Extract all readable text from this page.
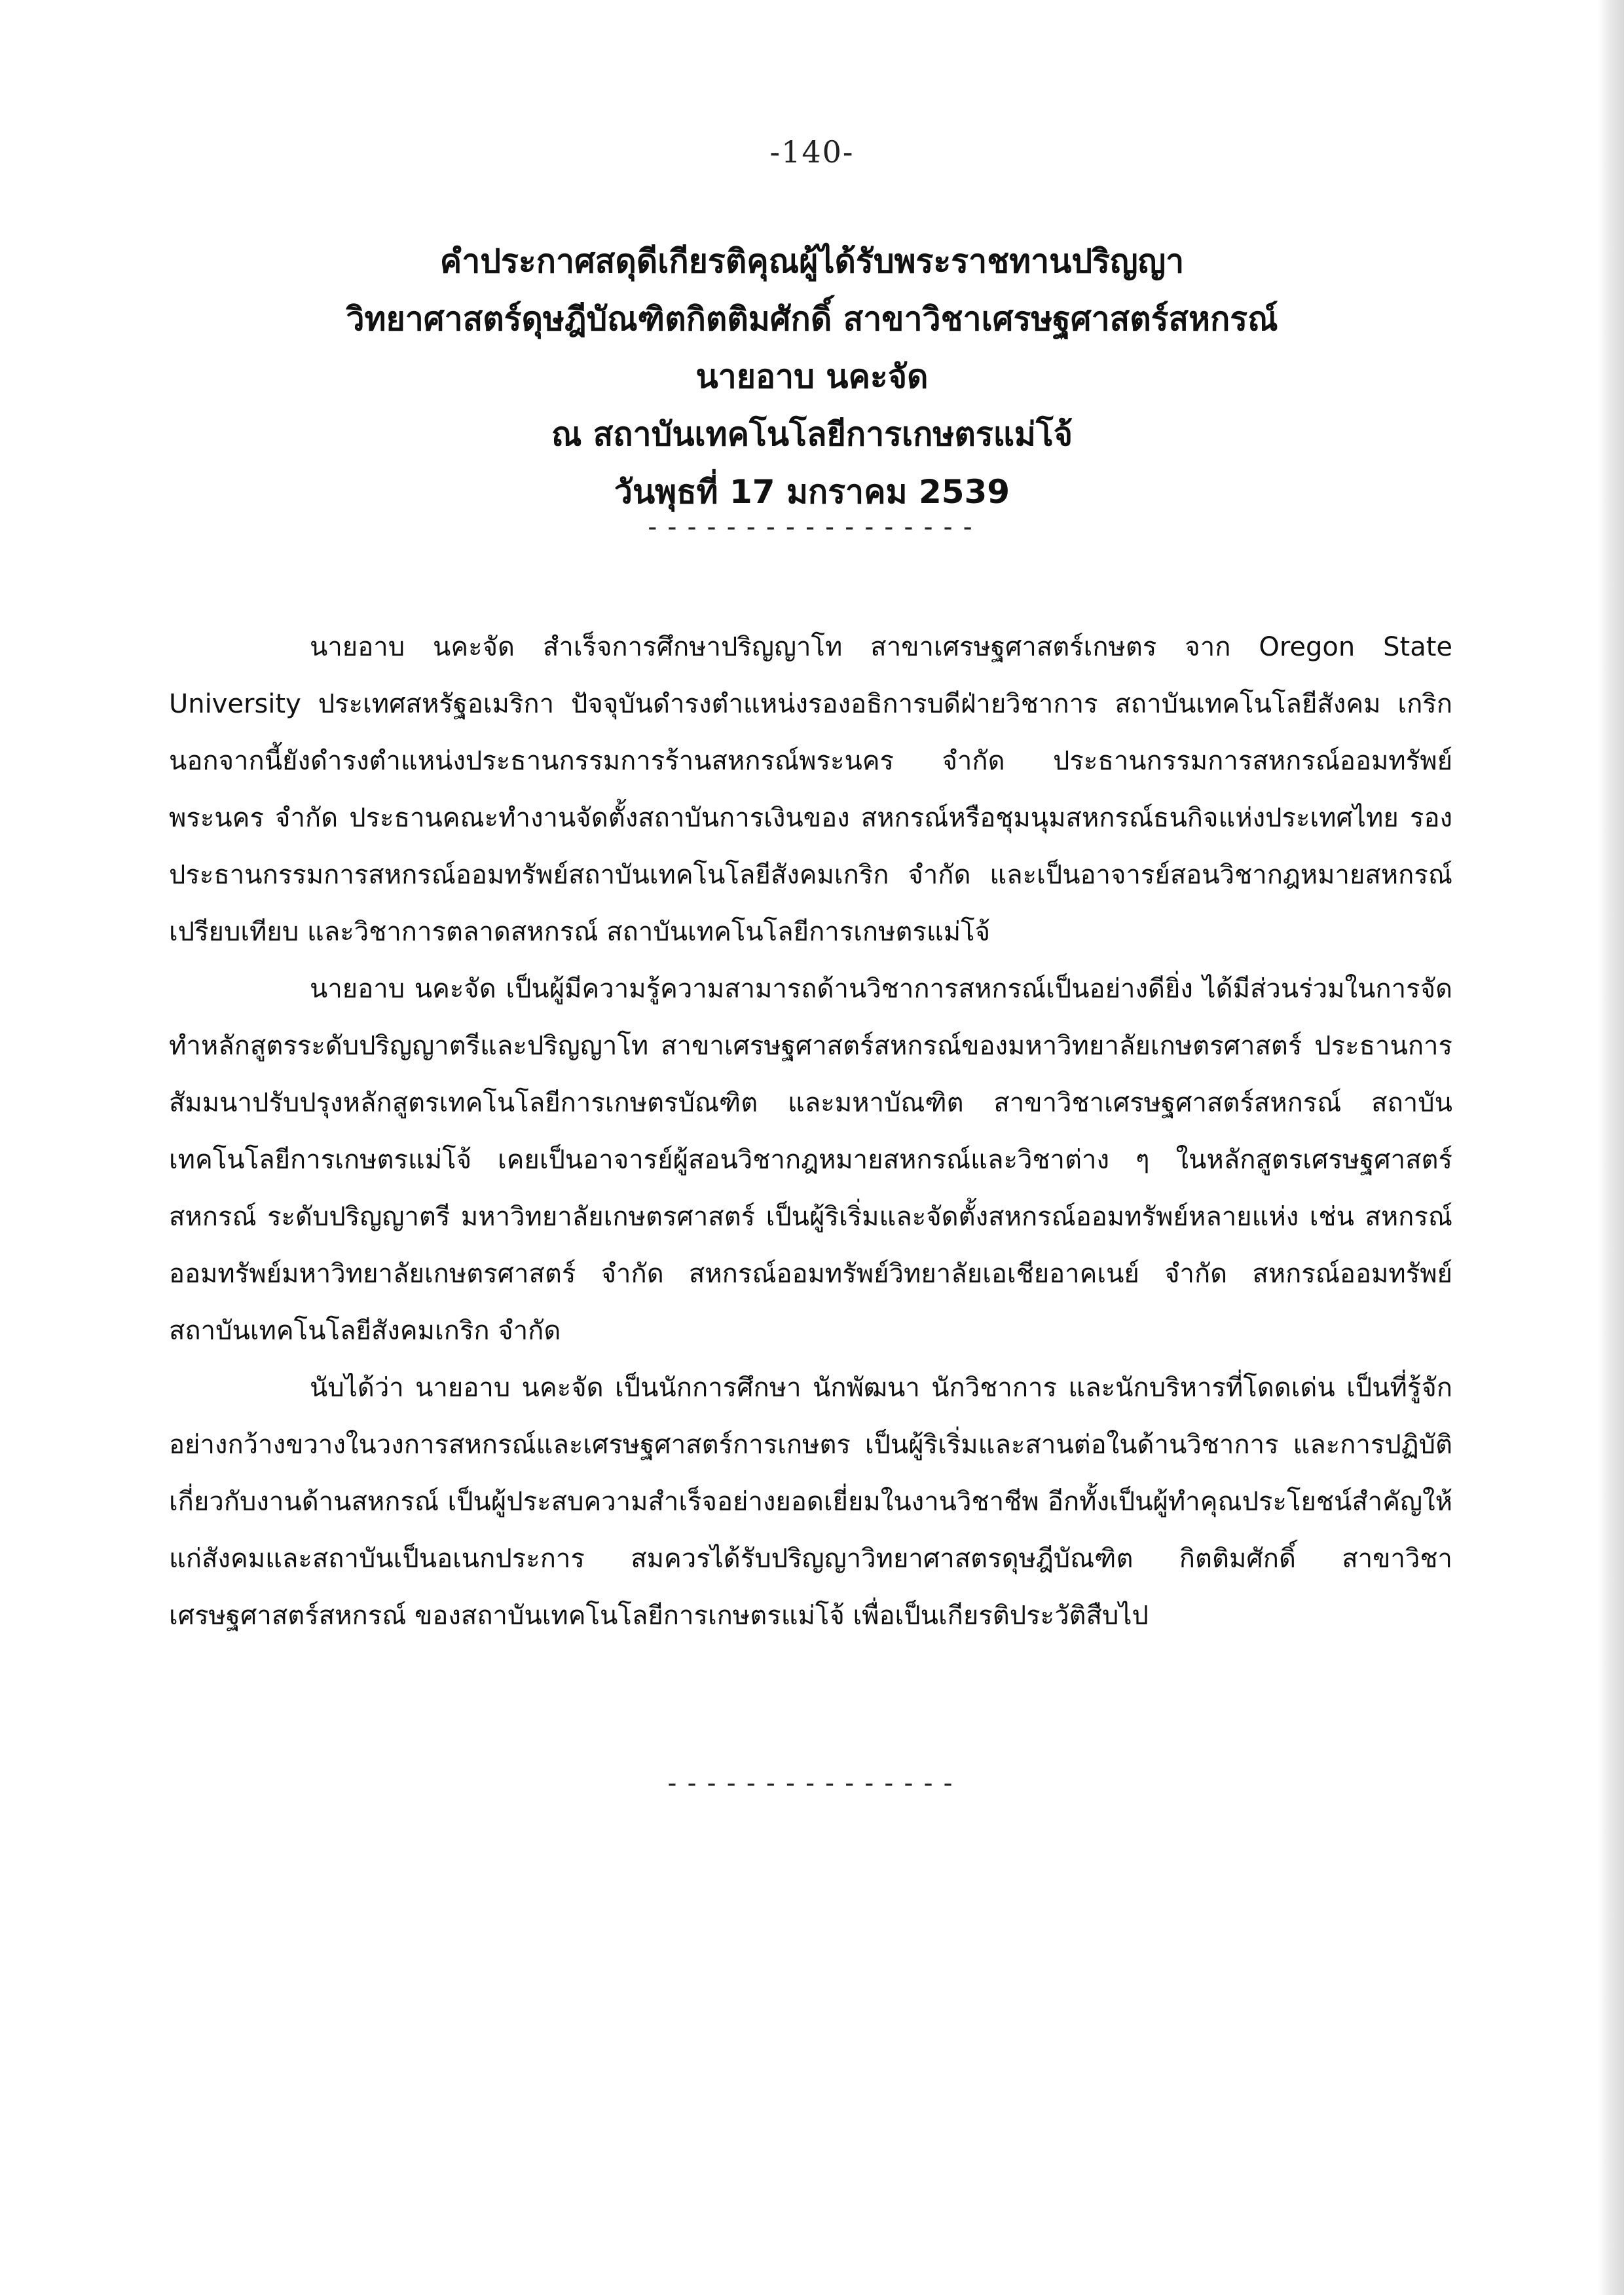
-140-
คำประกาศสดุดีเกียรติคุณผู้ได้รับพระราชทานปริญญา
วิทยาศาสตร์ดุษฎีบัณฑิตกิตติมศักดิ์ สาขาวิชาเศรษฐศาสตร์สหกรณ์
นายอาบ นคะจัด
ณ สถาบันเทคโนโลยีการเกษตรแม่โจ้
วันพุธที่ 17 มกราคม 2539
-----------------

นายอาบ นคะจัด สำเร็จการศึกษาปริญญาโท สาขาเศรษฐศาสตร์เกษตร จาก Oregon State University ประเทศสหรัฐอเมริกา ปัจจุบันดำรงตำแหน่งรองอธิการบดีฝ่ายวิชาการ สถาบันเทคโนโลยีสังคม เกริก นอกจากนี้ยังดำรงตำแหน่งประธานกรรมการร้านสหกรณ์พระนคร จำกัด ประธานกรรมการสหกรณ์ออมทรัพย์พระนคร จำกัด ประธานคณะทำงานจัดตั้งสถาบันการเงินของ สหกรณ์หรือชุมนุมสหกรณ์ธนกิจแห่งประเทศไทย รองประธานกรรมการสหกรณ์ออมทรัพย์สถาบันเทคโนโลยีสังคมเกริก จำกัด และเป็นอาจารย์สอนวิชากฎหมายสหกรณ์เปรียบเทียบ และวิชาการตลาดสหกรณ์ สถาบันเทคโนโลยีการเกษตรแม่โจ้

นายอาบ นคะจัด เป็นผู้มีความรู้ความสามารถด้านวิชาการสหกรณ์เป็นอย่างดียิ่ง ได้มีส่วนร่วมในการจัดทำหลักสูตรระดับปริญญาตรีและปริญญาโท สาขาเศรษฐศาสตร์สหกรณ์ของมหาวิทยาลัยเกษตรศาสตร์ ประธานการสัมมนาปรับปรุงหลักสูตรเทคโนโลยีการเกษตรบัณฑิต และมหาบัณฑิต สาขาวิชาเศรษฐศาสตร์สหกรณ์ สถาบันเทคโนโลยีการเกษตรแม่โจ้ เคยเป็นอาจารย์ผู้สอนวิชากฎหมายสหกรณ์และวิชาต่าง ๆ ในหลักสูตรเศรษฐศาสตร์สหกรณ์ ระดับปริญญาตรี มหาวิทยาลัยเกษตรศาสตร์ เป็นผู้ริเริ่มและจัดตั้งสหกรณ์ออมทรัพย์หลายแห่ง เช่น สหกรณ์ออมทรัพย์มหาวิทยาลัยเกษตรศาสตร์ จำกัด สหกรณ์ออมทรัพย์วิทยาลัยเอเชียอาคเนย์ จำกัด สหกรณ์ออมทรัพย์สถาบันเทคโนโลยีสังคมเกริก จำกัด

นับได้ว่า นายอาบ นคะจัด เป็นนักการศึกษา นักพัฒนา นักวิชาการ และนักบริหารที่โดดเด่น เป็นที่รู้จักอย่างกว้างขวางในวงการสหกรณ์และเศรษฐศาสตร์การเกษตร เป็นผู้ริเริ่มและสานต่อในด้านวิชาการ และการปฏิบัติเกี่ยวกับงานด้านสหกรณ์ เป็นผู้ประสบความสำเร็จอย่างยอดเยี่ยมในงานวิชาชีพ อีกทั้งเป็นผู้ทำคุณประโยชน์สำคัญให้แก่สังคมและสถาบันเป็นอเนกประการ สมควรได้รับปริญญาวิทยาศาสตรดุษฎีบัณฑิต กิตติมศักดิ์ สาขาวิชาเศรษฐศาสตร์สหกรณ์ ของสถาบันเทคโนโลยีการเกษตรแม่โจ้ เพื่อเป็นเกียรติประวัติสืบไป

---------------
